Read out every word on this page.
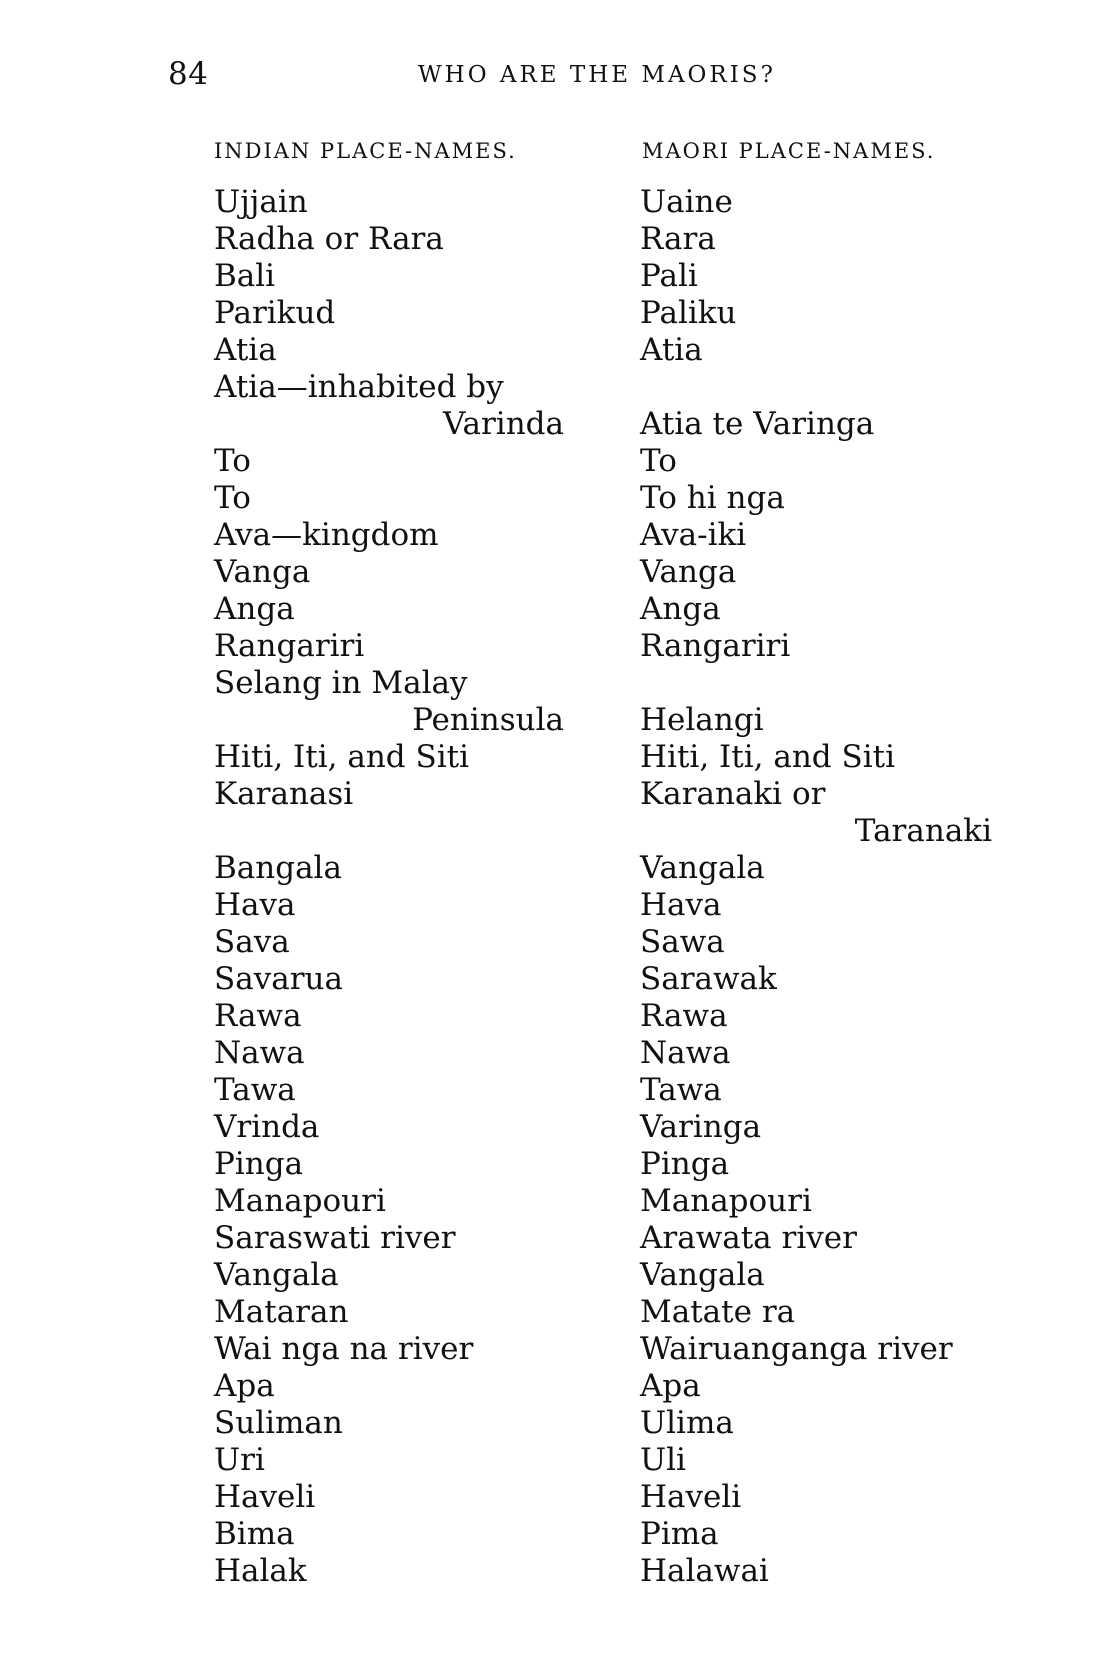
84	WHO ARE THE MAORIS?
INDIAN PLACE-NAMES.	MAORI PLACE-NAMES.
Ujjain
Radha or Rara
Bali
Parikud
Atia
Atia—inhabited by
Varinda
To
To
Ava—kingdom
Vanga
Anga
Rangariri
Selang in Malay
Peninsula
Hiti, Iti, and Siti
Karanasi
Bangala
Hava
Sava
Savarua
Rawa
Nawa
Tawa
Vrinda
Pinga
Manapouri
Saraswati river
Vangala
Mataran
Wai nga na river
Apa
Suliman
Uri
Haveli
Bima
Halak
Uaine
Rara
Pali
Paliku
Atia
Atia te Varinga
To
To hi nga
Ava-iki
Vanga
Anga
Rangariri
Helangi
Hiti, Iti, and Siti
Karanaki or
Taranaki
Vangala
Hava
Sawa
Sarawak
Rawa
Nawa
Tawa
Varinga
Pinga
Manapouri
Arawata river
Vangala
Matate ra
Wairuanganga river
Apa
Ulima
Uli
Haveli
Pima
Halawai
